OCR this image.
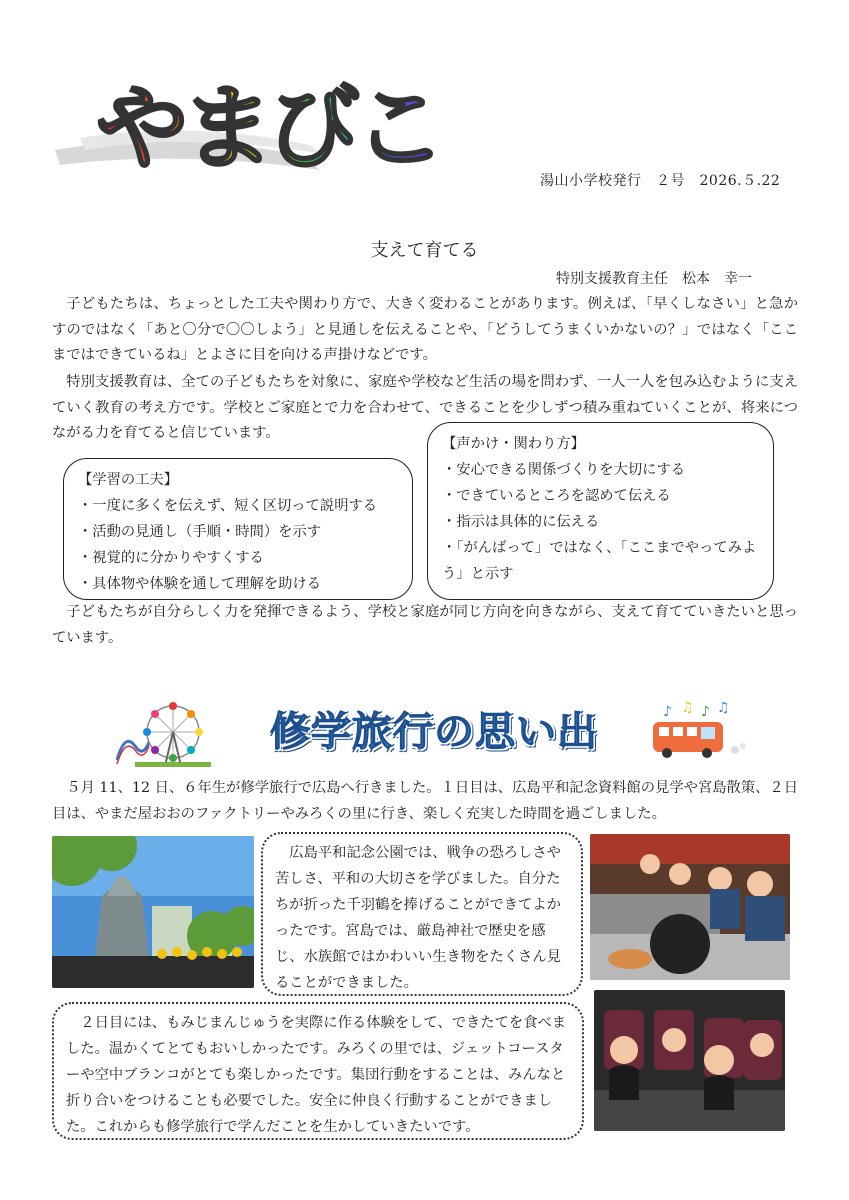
やまびこ	湯山小学校発行　２号　2026.５.22
支えて育てる
特別支援教育主任　松本　幸一

子どもたちは、ちょっとした工夫や関わり方で、大きく変わることがあります。例えば、「早くしなさい」と急かすのではなく「あと〇分で〇〇しよう」と見通しを伝えることや、「どうしてうまくいかないの？」ではなく「ここまではできているね」とよさに目を向ける声掛けなどです。

特別支援教育は、全ての子どもたちを対象に、家庭や学校など生活の場を問わず、一人一人を包み込むように支えていく教育の考え方です。学校とご家庭とで力を合わせて、できることを少しずつ積み重ねていくことが、将来につながる力を育てると信じています。

【学習の工夫】
・一度に多くを伝えず、短く区切って説明する
・活動の見通し（手順・時間）を示す
・視覚的に分かりやすくする
・具体物や体験を通して理解を助ける
【声かけ・関わり方】
・安心できる関係づくりを大切にする
・できているところを認めて伝える
・指示は具体的に伝える
・「がんばって」ではなく、「ここまでやってみよう」と示す

子どもたちが自分らしく力を発揮できるよう、学校と家庭が同じ方向を向きながら、支えて育てていきたいと思っています。

修学旅行の思い出	♪ ♫ ♪ ♫

５月 11、12 日、６年生が修学旅行で広島へ行きました。１日目は、広島平和記念資料館の見学や宮島散策、２日目は、やまだ屋おおのファクトリーやみろくの里に行き、楽しく充実した時間を過ごしました。

広島平和記念公園では、戦争の恐ろしさや苦しさ、平和の大切さを学びました。自分たちが折った千羽鶴を捧げることができてよかったです。宮島では、厳島神社で歴史を感じ、水族館ではかわいい生き物をたくさん見ることができました。
２日目には、もみじまんじゅうを実際に作る体験をして、できたてを食べました。温かくてとてもおいしかったです。みろくの里では、ジェットコースターや空中ブランコがとても楽しかったです。集団行動をすることは、みんなと折り合いをつけることも必要でした。安全に仲良く行動することができました。これからも修学旅行で学んだことを生かしていきたいです。
